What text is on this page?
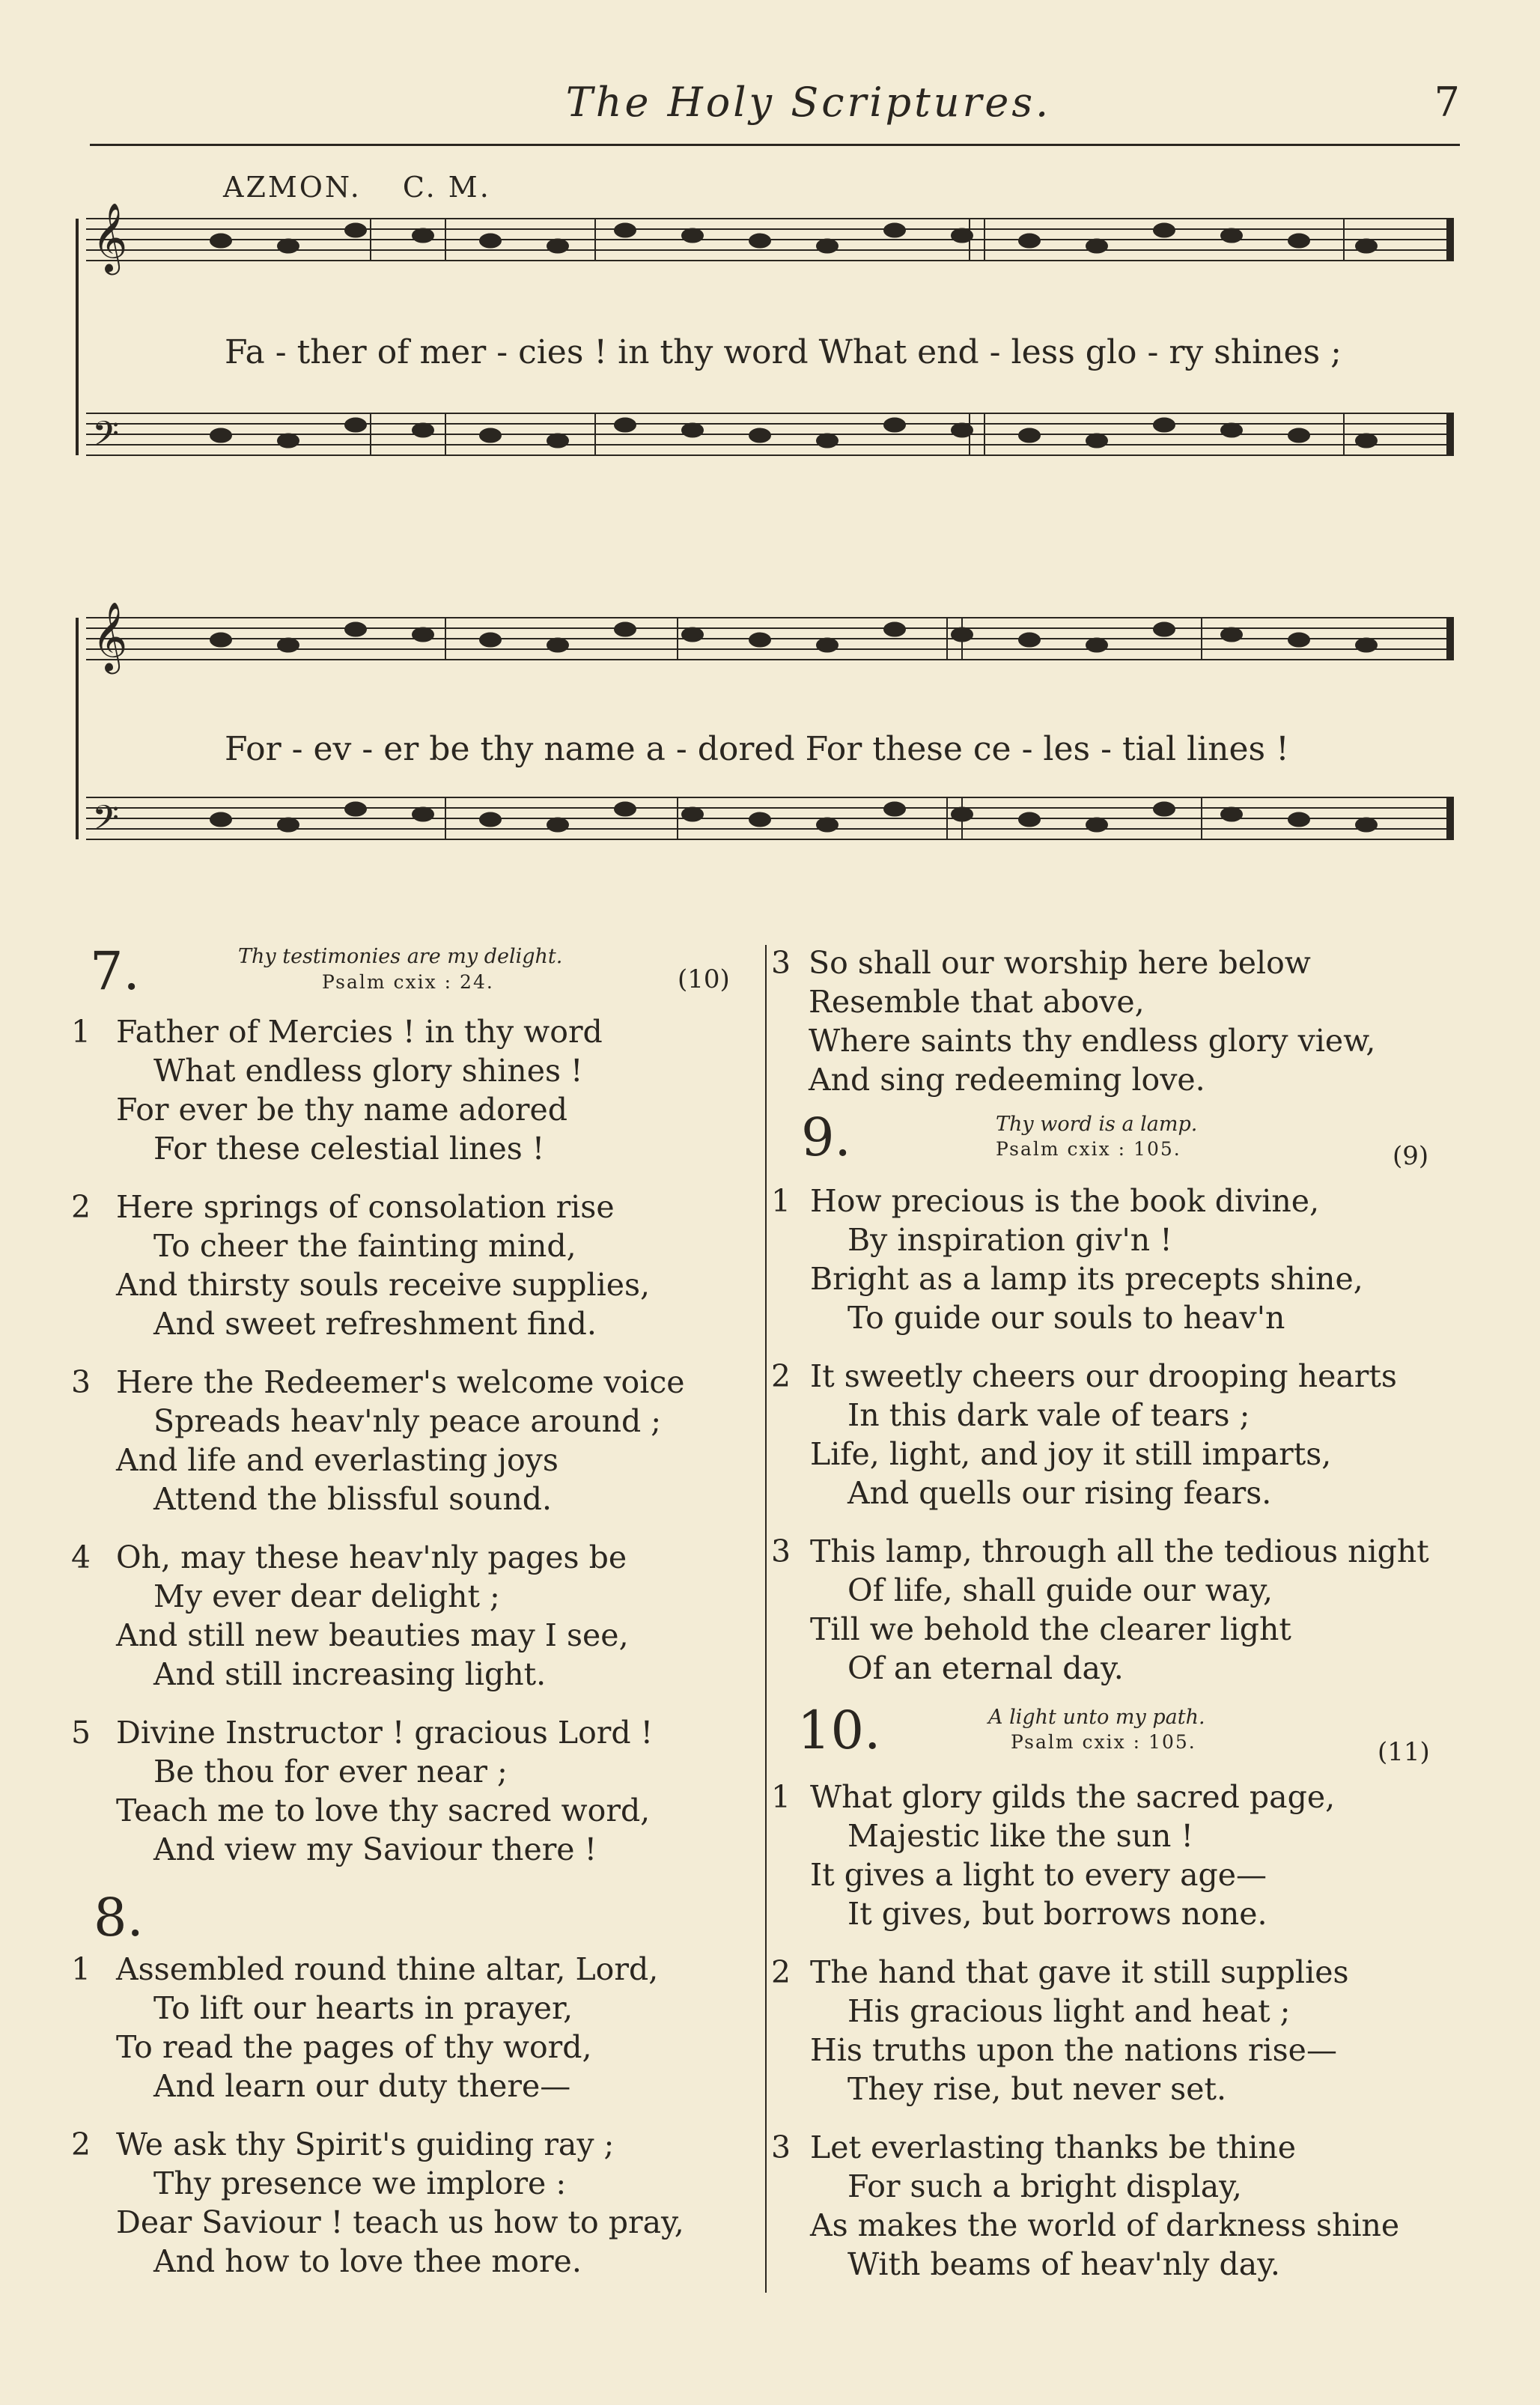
The Holy Scriptures.	7
AZMON. C. M.
𝄞
𝄢
Fa - ther of mer - cies ! in thy word What end - less glo - ry shines ;
𝄞
𝄢
For - ev - er be thy name a - dored For these ce - les - tial lines !
7.	Thy testimonies are my delight.
Psalm cxix : 24.	(10)
1 Father of Mercies ! in thy word
What endless glory shines !
For ever be thy name adored
For these celestial lines !
2 Here springs of consolation rise
To cheer the fainting mind,
And thirsty souls receive supplies,
And sweet refreshment find.
3 Here the Redeemer's welcome voice
Spreads heav'nly peace around ;
And life and everlasting joys
Attend the blissful sound.
4 Oh, may these heav'nly pages be
My ever dear delight ;
And still new beauties may I see,
And still increasing light.
5 Divine Instructor ! gracious Lord !
Be thou for ever near ;
Teach me to love thy sacred word,
And view my Saviour there !
8.
1 Assembled round thine altar, Lord,
To lift our hearts in prayer,
To read the pages of thy word,
And learn our duty there—
2 We ask thy Spirit's guiding ray ;
Thy presence we implore :
Dear Saviour ! teach us how to pray,
And how to love thee more.
3 So shall our worship here below
Resemble that above,
Where saints thy endless glory view,
And sing redeeming love.
9.	Thy word is a lamp.
Psalm cxix : 105.	(9)
1 How precious is the book divine,
By inspiration giv'n !
Bright as a lamp its precepts shine,
To guide our souls to heav'n
2 It sweetly cheers our drooping hearts
In this dark vale of tears ;
Life, light, and joy it still imparts,
And quells our rising fears.
3 This lamp, through all the tedious night
Of life, shall guide our way,
Till we behold the clearer light
Of an eternal day.
10.	A light unto my path.
Psalm cxix : 105.	(11)
1 What glory gilds the sacred page,
Majestic like the sun !
It gives a light to every age—
It gives, but borrows none.
2 The hand that gave it still supplies
His gracious light and heat ;
His truths upon the nations rise—
They rise, but never set.
3 Let everlasting thanks be thine
For such a bright display,
As makes the world of darkness shine
With beams of heav'nly day.
